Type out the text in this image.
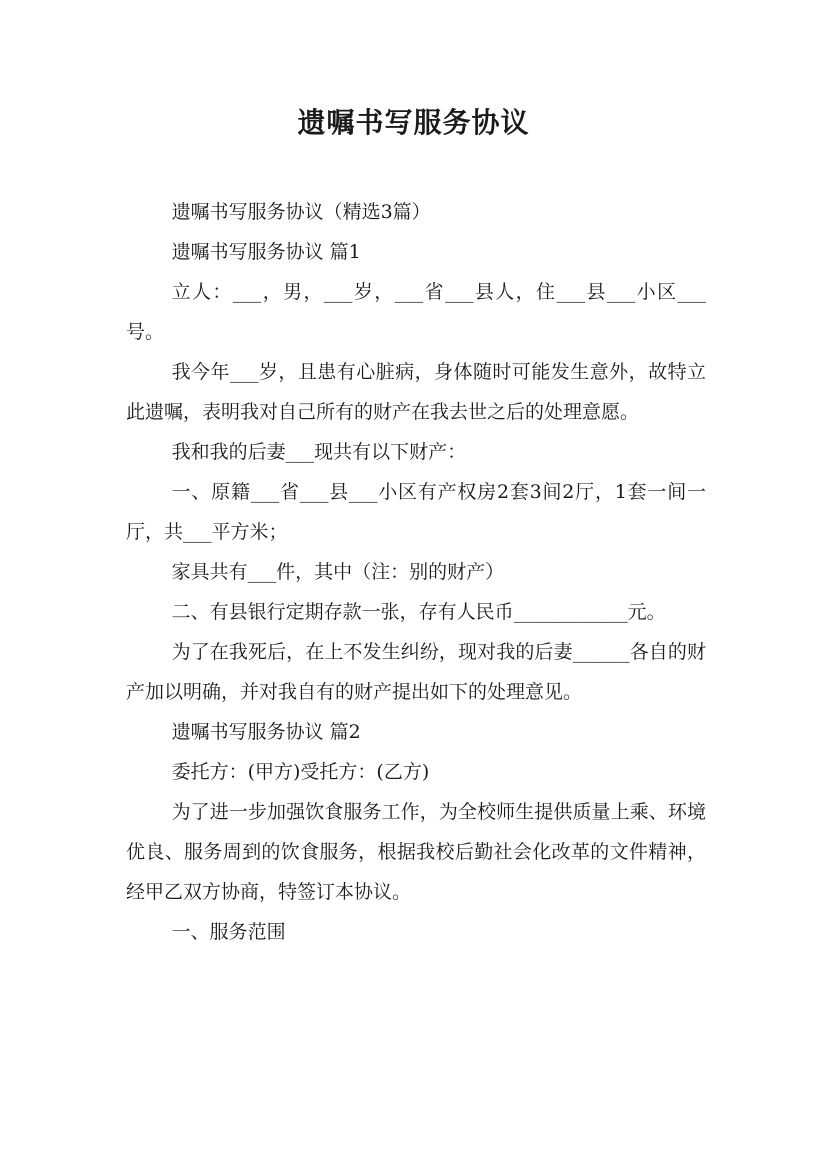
遗嘱书写服务协议

遗嘱书写服务协议（精选3篇）

遗嘱书写服务协议 篇1

立人：___，男，___岁，___省___县人，住___县___小区___号。

我今年___岁，且患有心脏病，身体随时可能发生意外，故特立此遗嘱，表明我对自己所有的财产在我去世之后的处理意愿。

我和我的后妻___现共有以下财产：

一、原籍___省___县___小区有产权房2套3间2厅，1套一间一厅，共___平方米；

家具共有___件，其中（注：别的财产）

二、有县银行定期存款一张，存有人民币____________元。

为了在我死后，在上不发生纠纷，现对我的后妻______各自的财产加以明确，并对我自有的财产提出如下的处理意见。

遗嘱书写服务协议 篇2

委托方：(甲方)受托方：(乙方)

为了进一步加强饮食服务工作，为全校师生提供质量上乘、环境优良、服务周到的饮食服务，根据我校后勤社会化改革的文件精神，经甲乙双方协商，特签订本协议。

一、服务范围
